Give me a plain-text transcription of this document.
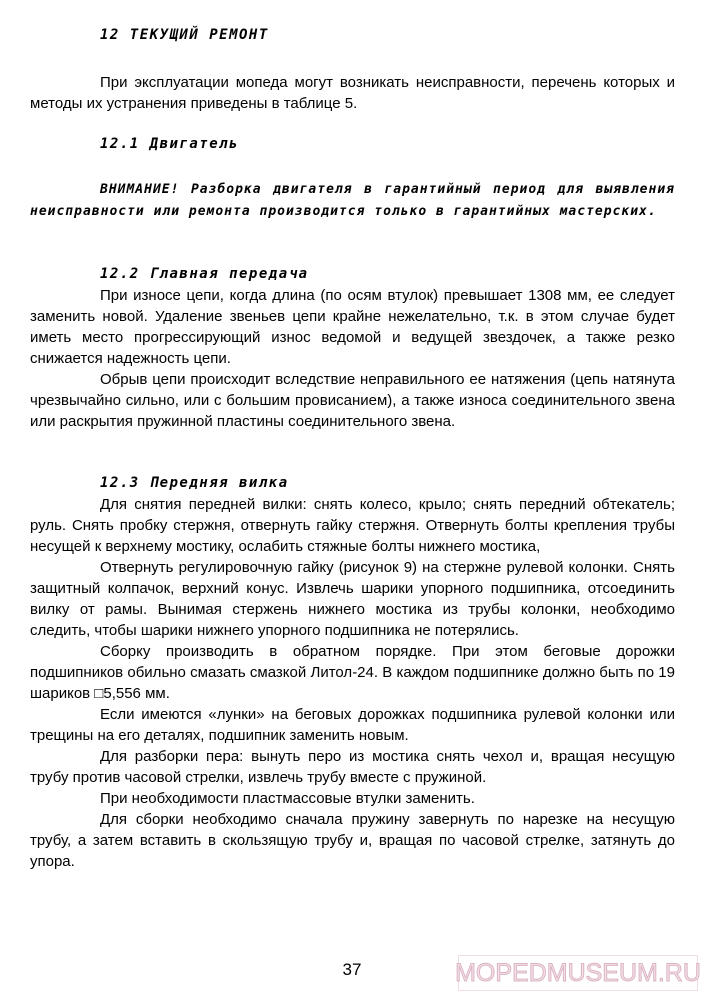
12 ТЕКУЩИЙ РЕМОНТ

При эксплуатации мопеда могут возникать неисправности, перечень которых и методы их устранения приведены в таблице 5.

12.1 Двигатель

ВНИМАНИЕ! Разборка двигателя в гарантийный период для выявления неисправности или ремонта производится только в гарантийных мастерских.

12.2 Главная передача

При износе цепи, когда длина (по осям втулок) превышает 1308 мм, ее следует заменить новой. Удаление звеньев цепи крайне нежелательно, т.к. в этом случае будет иметь место прогрессирующий износ ведомой и ведущей звездочек, а также резко снижается надежность цепи.

Обрыв цепи происходит вследствие неправильного ее натяжения (цепь натянута чрезвычайно сильно, или с большим провисанием), а также износа соединительного звена или раскрытия пружинной пластины соединительного звена.

12.3 Передняя вилка

Для снятия передней вилки: снять колесо, крыло; снять передний обтекатель; руль. Снять пробку стержня, отвернуть гайку стержня. Отвернуть болты крепления трубы несущей к верхнему мостику, ослабить стяжные болты нижнего мостика,

Отвернуть регулировочную гайку (рисунок 9) на стержне рулевой колонки. Снять защитный колпачок, верхний конус. Извлечь шарики упорного подшипника, отсоединить вилку от рамы. Вынимая стержень нижнего мостика из трубы колонки, необходимо следить, чтобы шарики нижнего упорного подшипника не потерялись.

Сборку производить в обратном порядке. При этом беговые дорожки подшипников обильно смазать смазкой Литол-24. В каждом подшипнике должно быть по 19 шариков □5,556 мм.

Если имеются «лунки» на беговых дорожках подшипника рулевой колонки или трещины на его деталях, подшипник заменить новым.

Для разборки пера: вынуть перо из мостика снять чехол и, вращая несущую трубу против часовой стрелки, извлечь трубу вместе с пружиной.

При необходимости пластмассовые втулки заменить.

Для сборки необходимо сначала пружину завернуть по нарезке на несущую трубу, а затем вставить в скользящую трубу и, вращая по часовой стрелке, затянуть до упора.

37	MOPEDMUSEUM.RU
